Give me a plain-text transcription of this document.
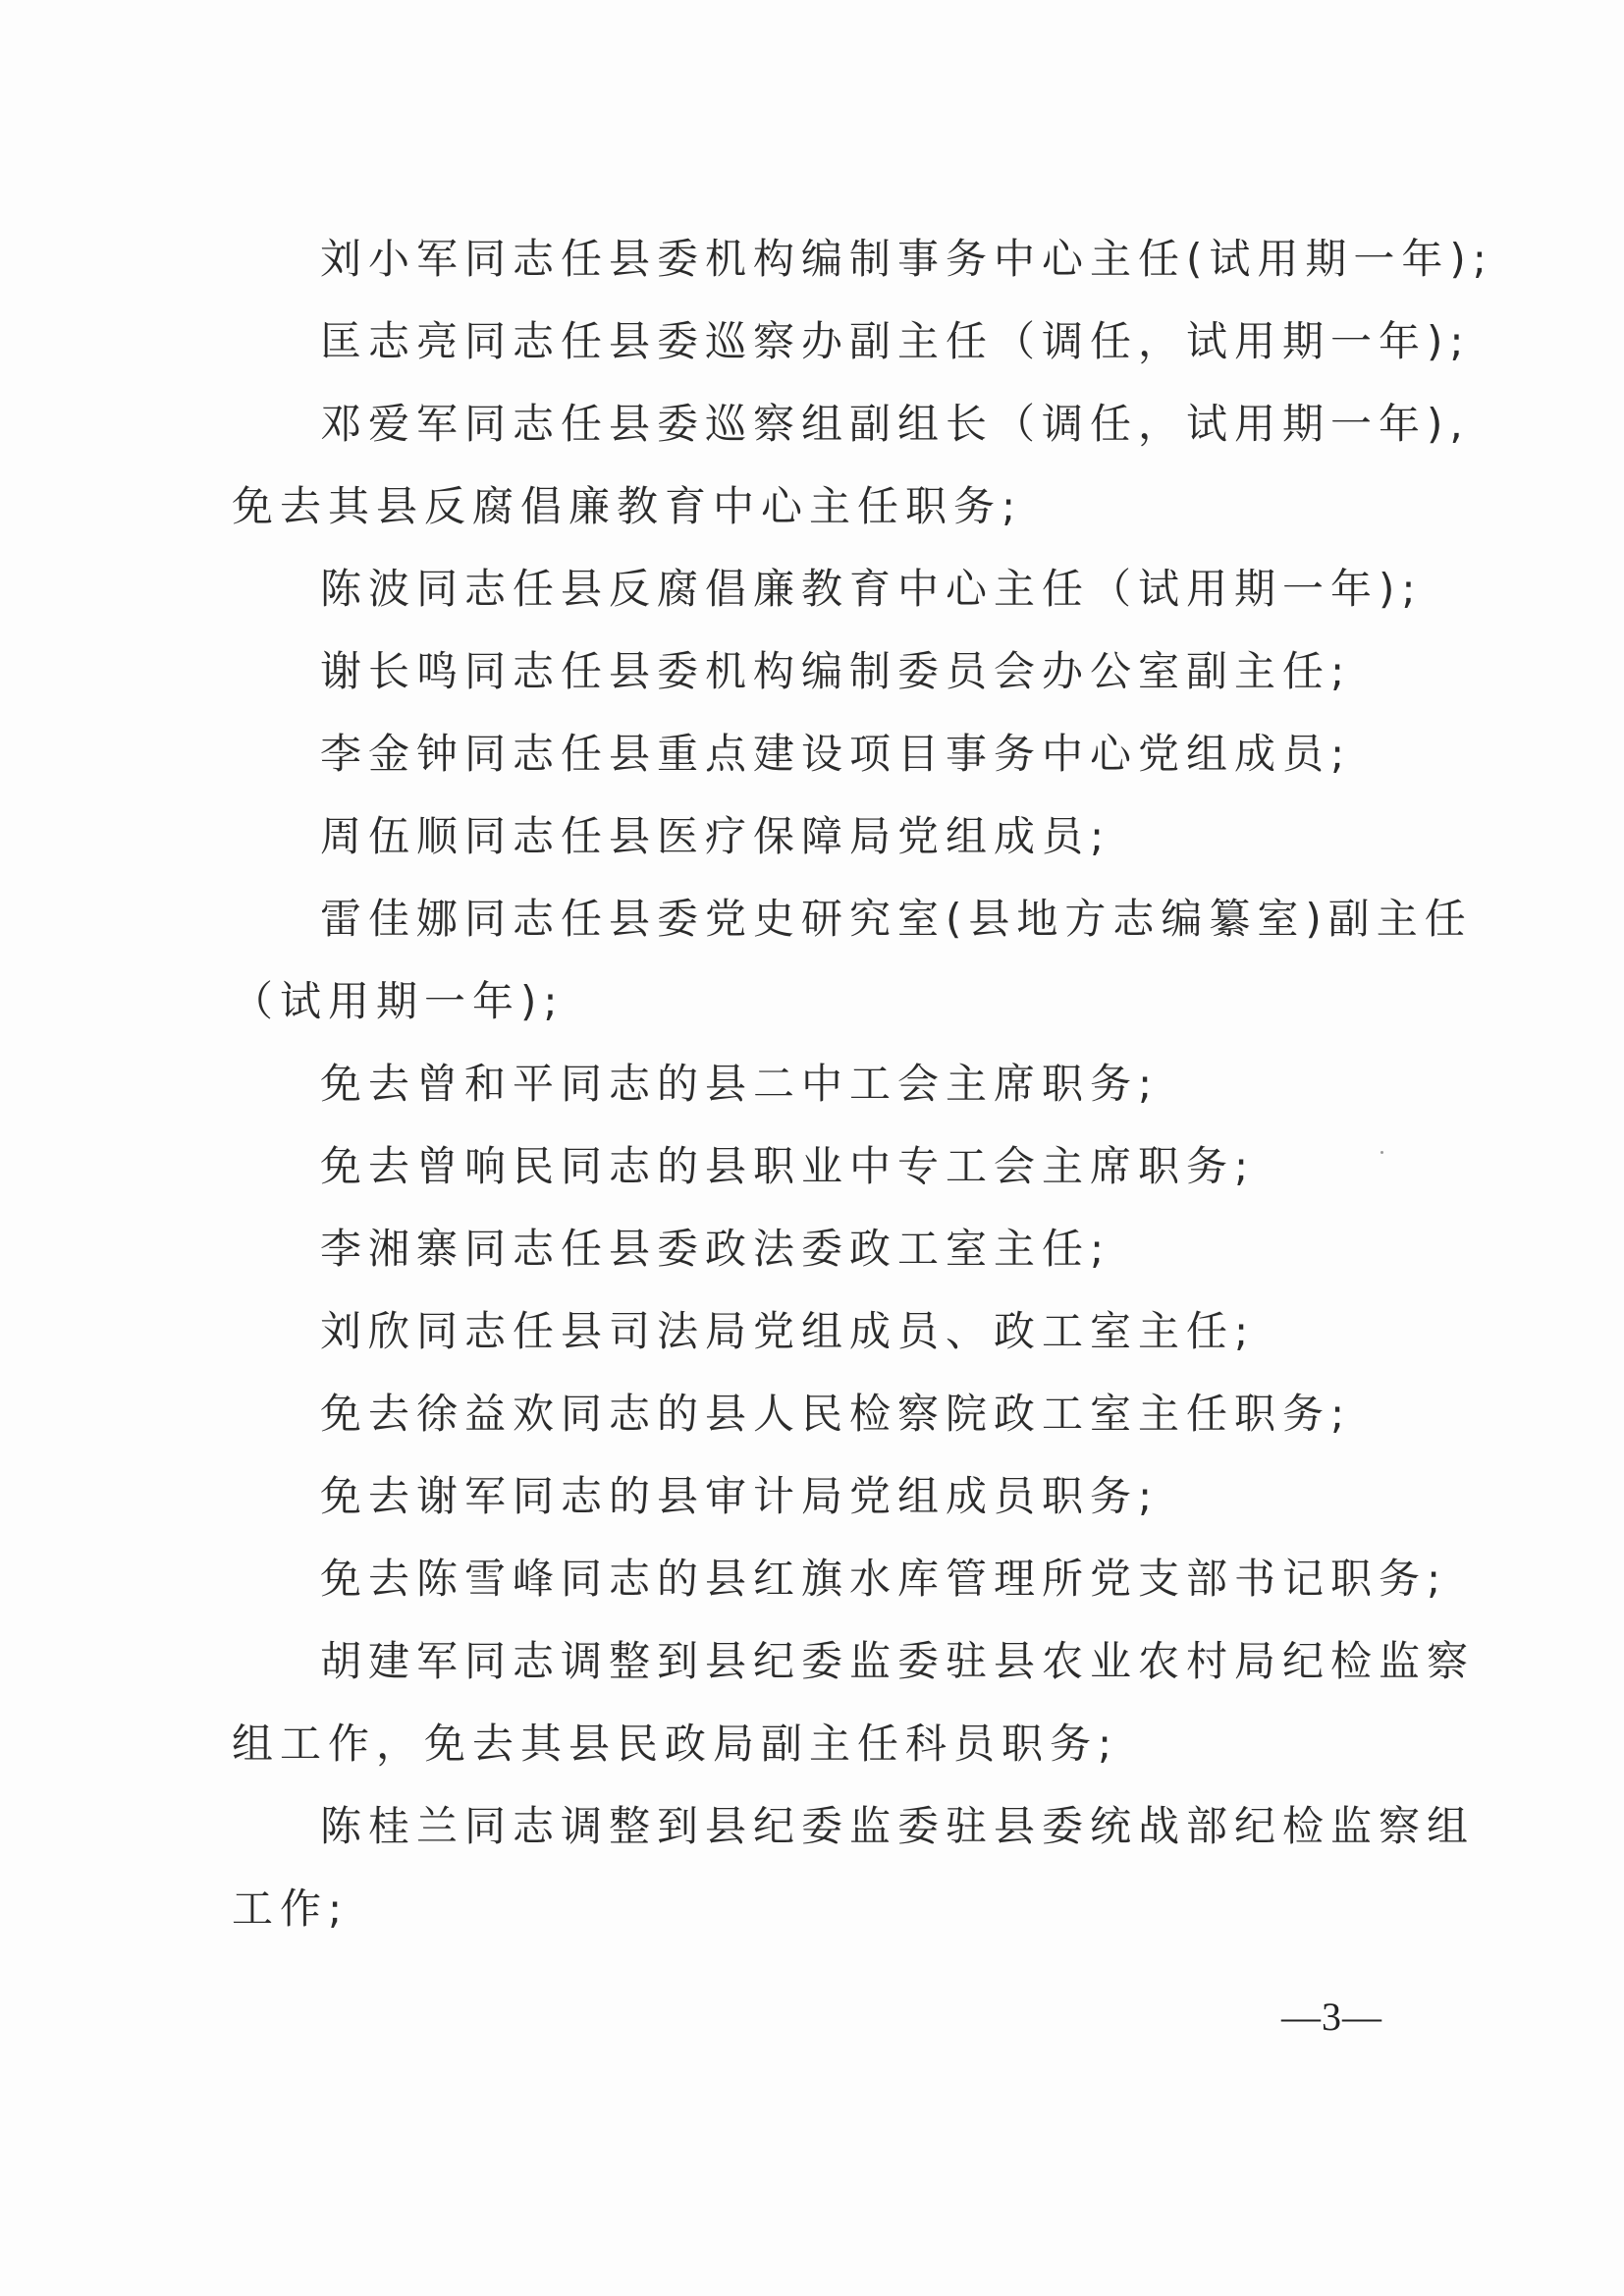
刘小军同志任县委机构编制事务中心主任(试用期一年);

匡志亮同志任县委巡察办副主任（调任，试用期一年);

邓爱军同志任县委巡察组副组长（调任，试用期一年),

免去其县反腐倡廉教育中心主任职务;

陈波同志任县反腐倡廉教育中心主任（试用期一年);

谢长鸣同志任县委机构编制委员会办公室副主任;

李金钟同志任县重点建设项目事务中心党组成员;

周伍顺同志任县医疗保障局党组成员;

雷佳娜同志任县委党史研究室(县地方志编纂室)副主任

（试用期一年);

免去曾和平同志的县二中工会主席职务;

免去曾响民同志的县职业中专工会主席职务;

李湘寨同志任县委政法委政工室主任;

刘欣同志任县司法局党组成员、政工室主任;

免去徐益欢同志的县人民检察院政工室主任职务;

免去谢军同志的县审计局党组成员职务;

免去陈雪峰同志的县红旗水库管理所党支部书记职务;

胡建军同志调整到县纪委监委驻县农业农村局纪检监察

组工作，免去其县民政局副主任科员职务;

陈桂兰同志调整到县纪委监委驻县委统战部纪检监察组

工作;

—3—
